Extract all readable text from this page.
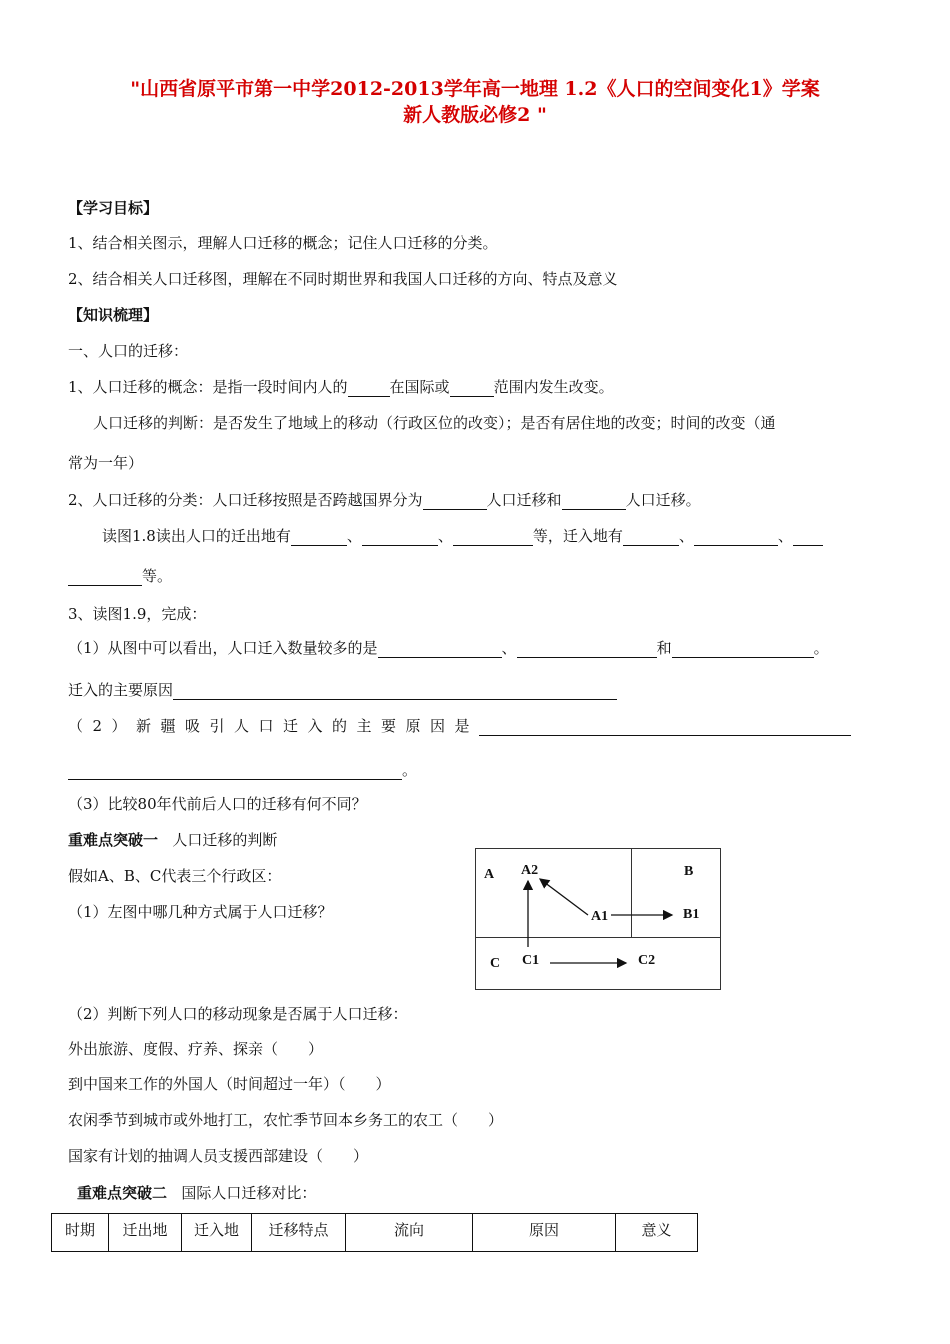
"山西省原平市第一中学2012-2013学年高一地理 1.2《人口的空间变化1》学案
新人教版必修2 "
【学习目标】
1、结合相关图示，理解人口迁移的概念；记住人口迁移的分类。
2、结合相关人口迁移图，理解在不同时期世界和我国人口迁移的方向、特点及意义
【知识梳理】
一、人口的迁移：
1、人口迁移的概念：是指一段时间内人的	在国际或	范围内发生改变。
人口迁移的判断：是否发生了地域上的移动（行政区位的改变）；是否有居住地的改变；时间的改变（通
常为一年）
2、人口迁移的分类：人口迁移按照是否跨越国界分为	人口迁移和	人口迁移。
读图1.8读出人口的迁出地有	、	、	等，迁入地有	、	、
等。
3、读图1.9，完成：
（1）从图中可以看出，人口迁入数量较多的是	、	和	。
迁入的主要原因
（2）新疆吸引人口迁入的主要原因是
。
（3）比较80年代前后人口的迁移有何不同？
重难点突破一 人口迁移的判断
假如A、B、C代表三个行政区：
（1）左图中哪几种方式属于人口迁移？
A A2	B
A1	B1
C C1	C2
（2）判断下列人口的移动现象是否属于人口迁移：
外出旅游、度假、疗养、探亲（　　）
到中国来工作的外国人（时间超过一年）（　　）
农闲季节到城市或外地打工，农忙季节回本乡务工的农工（　　）
国家有计划的抽调人员支援西部建设（　　）
重难点突破二 国际人口迁移对比：
时期	迁出地	迁入地	迁移特点	流向	原因	意义
